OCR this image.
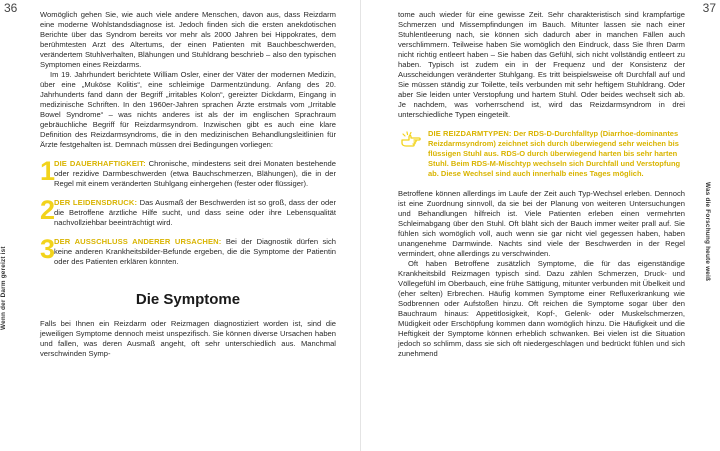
36	37
Wenn der Darm gereizt ist
Was die Forschung heute weiß

Womöglich gehen Sie, wie auch viele andere Menschen, davon aus, dass Reizdarm eine moderne Wohlstandsdiagnose ist. Jedoch finden sich die ersten anekdotischen Berichte über das Syndrom bereits vor mehr als 2000 Jahren bei Hippokrates, dem berühmtesten Arzt des Altertums, der einen Patienten mit Bauchbeschwerden, verändertem Stuhlverhalten, Blähungen und Stuhldrang beschrieb – also den typischen Symptomen eines Reizdarms.

Im 19. Jahrhundert berichtete William Osler, einer der Väter der modernen Medizin, über eine „Muköse Kolitis“, eine schleimige Darmentzündung. Anfang des 20. Jahrhunderts fand dann der Begriff „irritables Kolon“, gereizter Dickdarm, Eingang in medizinische Schriften. In den 1960er-Jahren sprachen Ärzte erstmals vom „Irritable Bowel Syndrome“ – was nichts anderes ist als der im englischen Sprachraum gebräuchliche Begriff für Reizdarmsyndrom. Inzwischen gibt es auch eine klare Definition des Reizdarmsyndroms, die in den medizinischen Behandlungsleitlinien für Ärzte festgehalten ist. Demnach müssen drei Bedingungen vorliegen:

1

DIE DAUERHAFTIGKEIT: Chronische, mindestens seit drei Monaten bestehende oder rezidive Darmbeschwerden (etwa Bauchschmerzen, Blähungen), die in der Regel mit einem veränderten Stuhlgang einhergehen (fester oder flüssiger).

2

DER LEIDENSDRUCK: Das Ausmaß der Beschwerden ist so groß, dass der oder die Betroffene ärztliche Hilfe sucht, und dass seine oder ihre Lebensqualität nachvollziehbar beeinträchtigt wird.

3

DER AUSSCHLUSS ANDERER URSACHEN: Bei der Diagnostik dürfen sich keine anderen Krankheitsbilder-Befunde ergeben, die die Symptome der Patientin oder des Patienten erklären könnten.

Die Symptome

Falls bei Ihnen ein Reizdarm oder Reizmagen diagnostiziert worden ist, sind die jeweiligen Symptome dennoch meist unspezifisch. Sie können diverse Ursachen haben und fallen, was deren Ausmaß angeht, oft sehr unterschiedlich aus. Manchmal verschwinden Symp-

tome auch wieder für eine gewisse Zeit. Sehr charakteristisch sind krampfartige Schmerzen und Missempfindungen im Bauch. Mitunter lassen sie nach einer Stuhlentleerung nach, sie können sich dadurch aber in manchen Fällen auch verschlimmern. Teilweise haben Sie womöglich den Eindruck, dass Sie Ihren Darm nicht richtig entleert haben – Sie haben das Gefühl, sich nicht vollständig entleert zu haben. Typisch ist zudem ein in der Frequenz und der Konsistenz der Ausscheidungen veränderter Stuhlgang. Es tritt beispielsweise oft Durchfall auf und Sie müssen ständig zur Toilette, teils verbunden mit sehr heftigem Stuhldrang. Oder aber Sie leiden unter Verstopfung und hartem Stuhl. Oder beides wechselt sich ab. Je nachdem, was vorherrschend ist, wird das Reizdarmsyndrom in drei unterschiedliche Typen eingeteilt.

DIE REIZDARMTYPEN: Der RDS-D-Durchfalltyp (Diarrhoe-dominantes Reizdarmsyndrom) zeichnet sich durch überwiegend sehr weichen bis flüssigen Stuhl aus. RDS-O durch überwiegend harten bis sehr harten Stuhl. Beim RDS-M-Mischtyp wechseln sich Durchfall und Verstopfung ab. Diese Wechsel sind auch innerhalb eines Tages möglich.

Betroffene können allerdings im Laufe der Zeit auch Typ-Wechsel erleben. Dennoch ist eine Zuordnung sinnvoll, da sie bei der Planung von weiteren Untersuchungen und Behandlungen hilfreich ist. Viele Patienten erleben einen vermehrten Schleimabgang über den Stuhl. Oft bläht sich der Bauch immer weiter prall auf. Sie fühlen sich womöglich voll, auch wenn sie gar nicht viel gegessen haben, haben unangenehme Darmwinde. Nachts sind viele der Beschwerden in der Regel vermindert, ohne allerdings zu verschwinden.

Oft haben Betroffene zusätzlich Symptome, die für das eigenständige Krankheitsbild Reizmagen typisch sind. Dazu zählen Schmerzen, Druck- und Völlegefühl im Oberbauch, eine frühe Sättigung, mitunter verbunden mit Übelkeit und (eher selten) Erbrechen. Häufig kommen Symptome einer Refluxerkrankung wie Sodbrennen oder Aufstoßen hinzu. Oft reichen die Symptome sogar über den Bauchraum hinaus: Appetitlosigkeit, Kopf-, Gelenk- oder Muskelschmerzen, Müdigkeit oder Erschöpfung kommen dann womöglich hinzu. Die Häufigkeit und die Heftigkeit der Symptome können erheblich schwanken. Bei vielen ist die Situation jedoch so schlimm, dass sie sich oft niedergeschlagen und bedrückt fühlen und sich zunehmend
